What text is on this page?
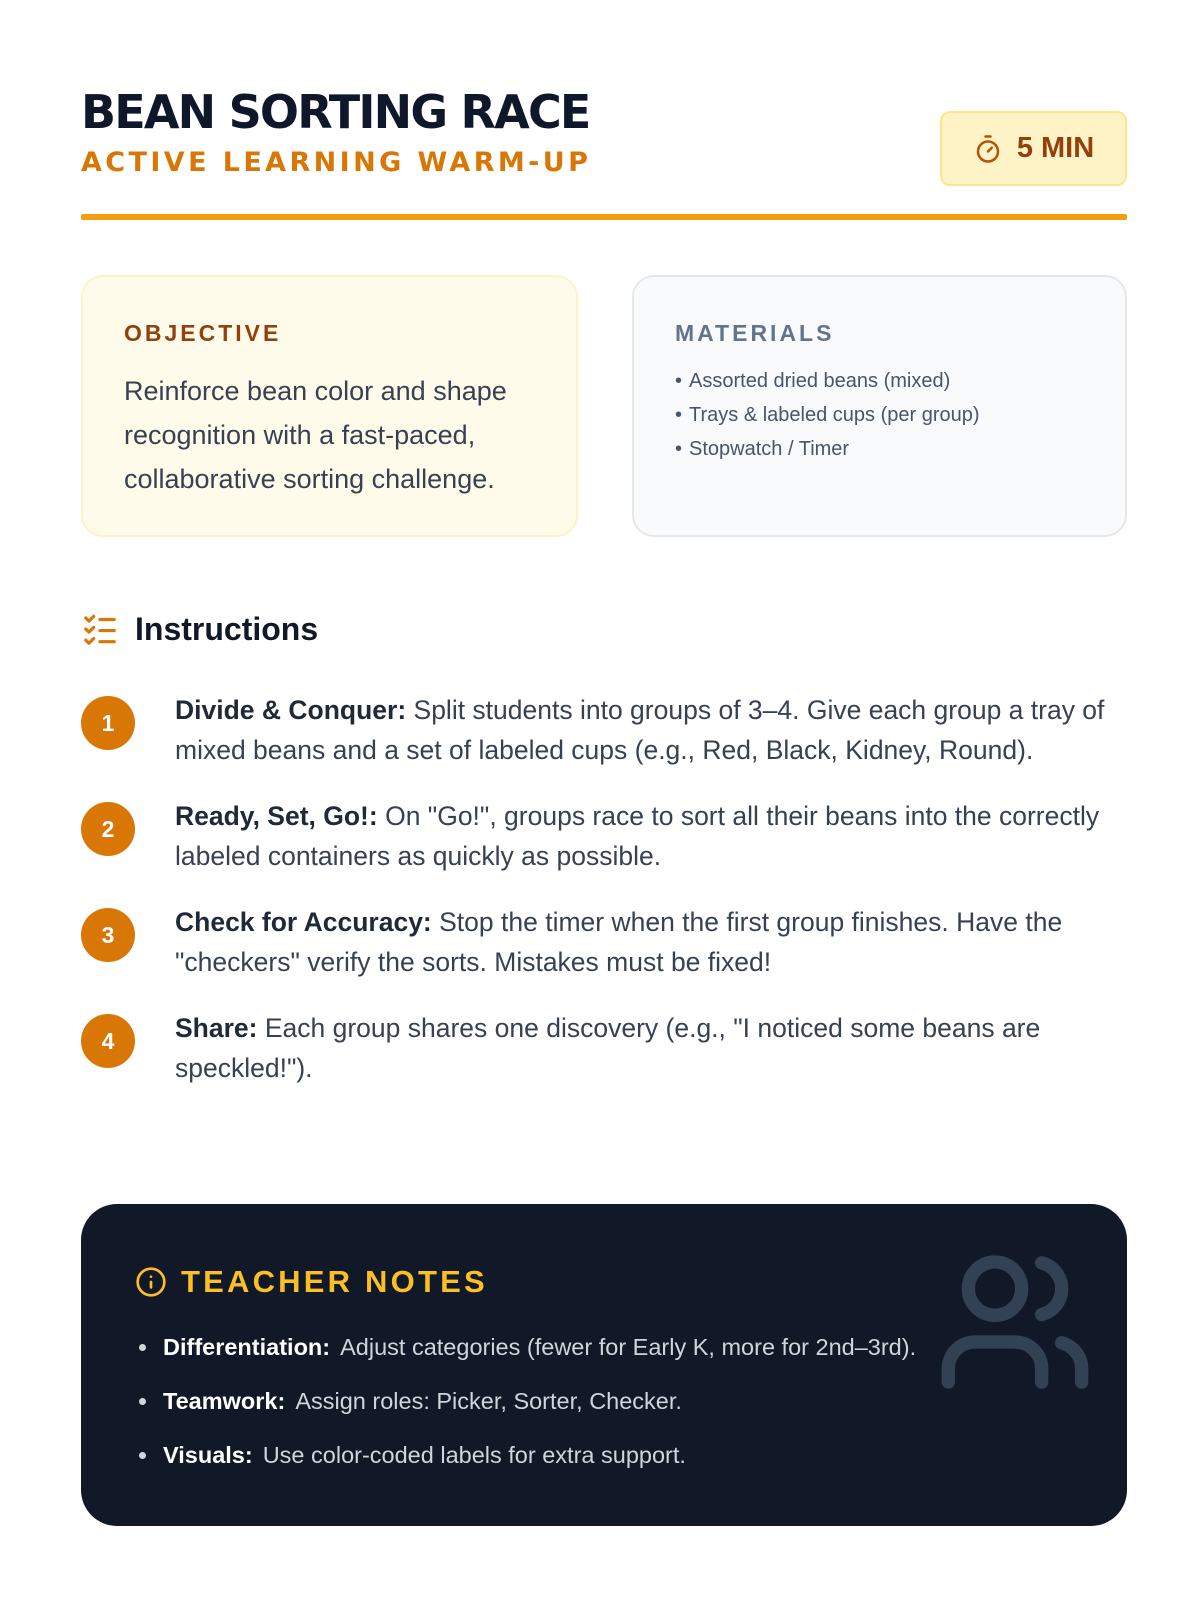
BEAN SORTING RACE
ACTIVE LEARNING WARM-UP	5 MIN
OBJECTIVE
Reinforce bean color and shape recognition with a fast-paced, collaborative sorting challenge.
MATERIALS
• Assorted dried beans (mixed)
• Trays & labeled cups (per group)
• Stopwatch / Timer
Instructions
1	Divide & Conquer: Split students into groups of 3–4. Give each group a tray of mixed beans and a set of labeled cups (e.g., Red, Black, Kidney, Round).
2	Ready, Set, Go!: On "Go!", groups race to sort all their beans into the correctly labeled containers as quickly as possible.
3	Check for Accuracy: Stop the timer when the first group finishes. Have the "checkers" verify the sorts. Mistakes must be fixed!
4	Share: Each group shares one discovery (e.g., "I noticed some beans are speckled!").
TEACHER NOTES
Differentiation: Adjust categories (fewer for Early K, more for 2nd–3rd).
Teamwork: Assign roles: Picker, Sorter, Checker.
Visuals: Use color-coded labels for extra support.
